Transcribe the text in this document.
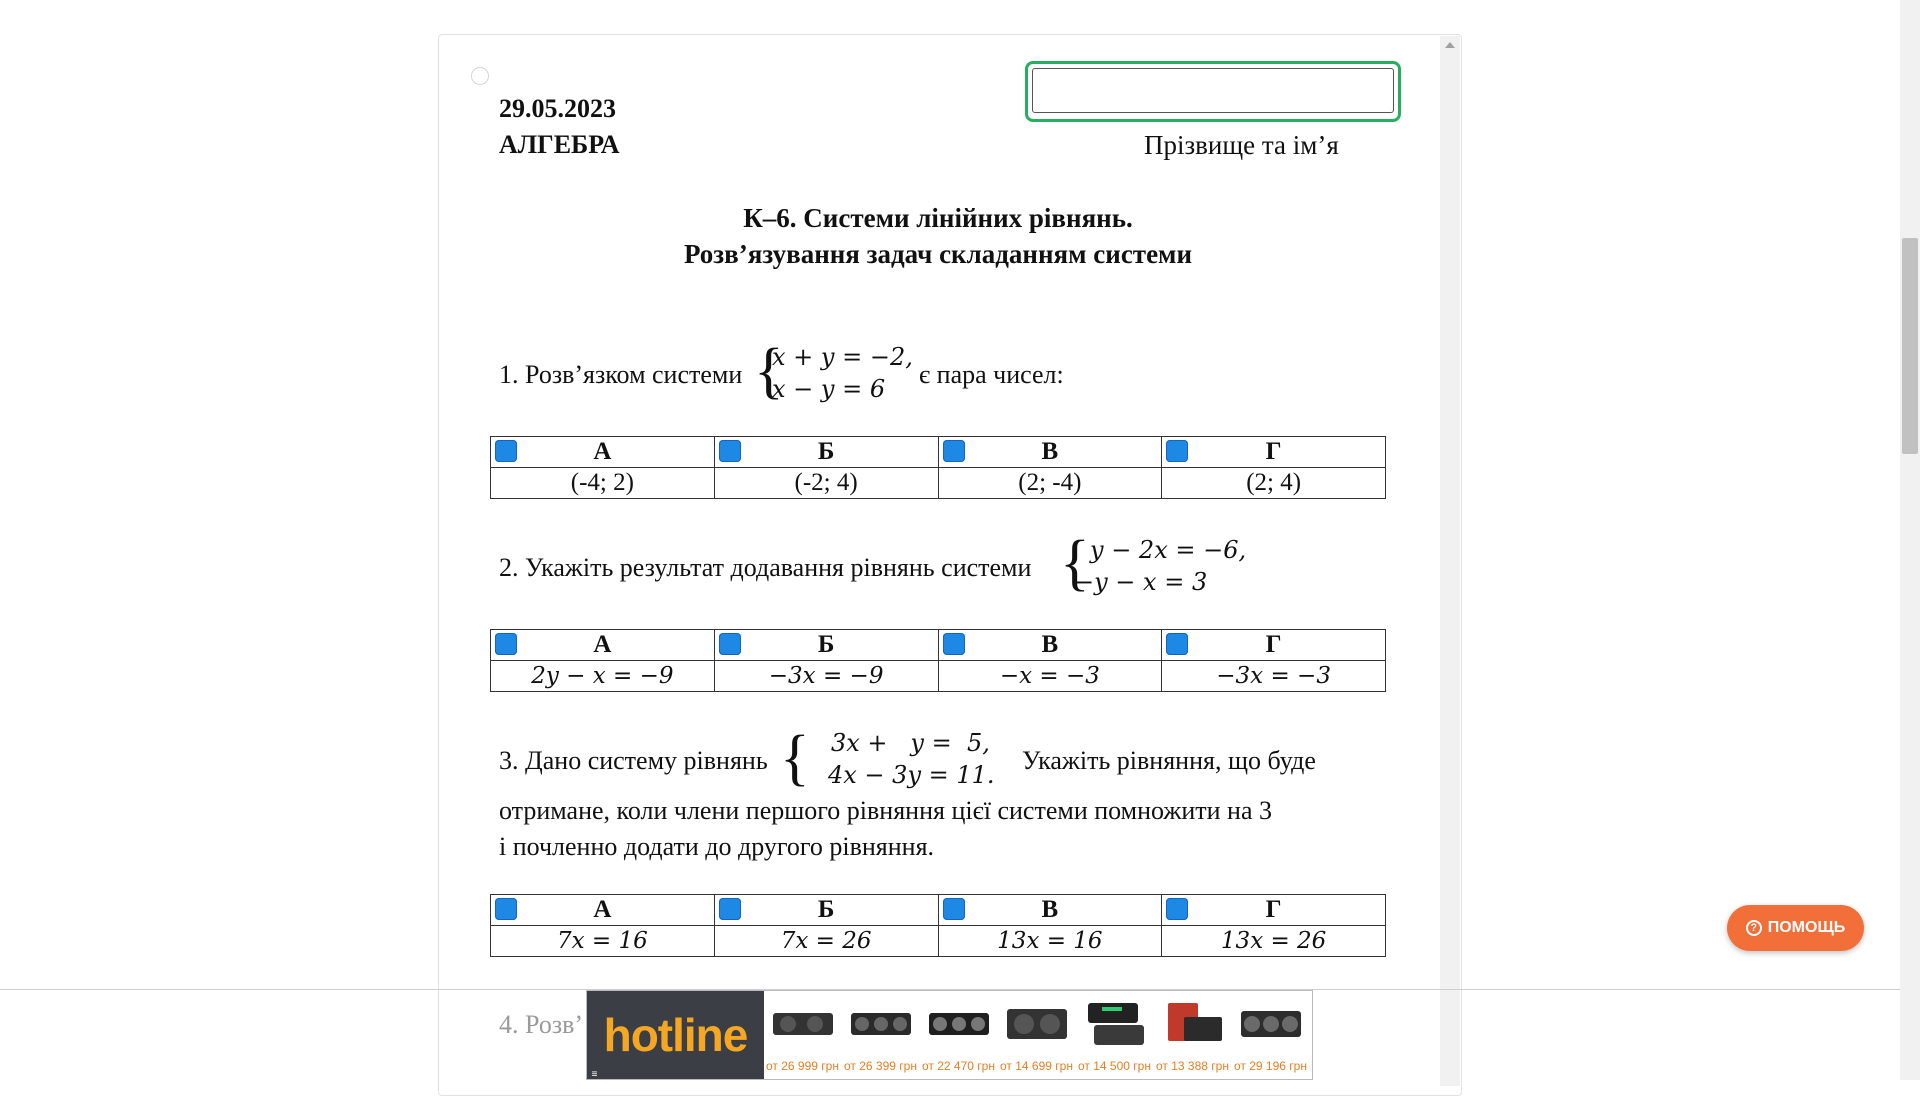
29.05.2023
АЛГЕБРА	Прізвище та ім’я
К–6. Системи лінійних рівнянь.
Розв’язування задач складанням системи
1. Розв’язком системи {
x + y = −2,
x − y = 6 є пара чисел:
А	Б	В	Г
(-4; 2)	(-2; 4)	(2; -4)	(2; 4)
2. Укажіть результат додавання рівнянь системи { y − 2x = −6,
−y − x = 3
А	Б	В	Г
2y − x = −9	−3x = −9	−x = −3	−3x = −3
3. Дано систему рівнянь { 3x +   y =  5,
4x − 3y = 11. Укажіть рівняння, що буде
отримане, коли члени першого рівняння цієї системи помножити на 3
і почленно додати до другого рівняння.
А	Б	В	Г
7x = 16	7x = 26	13x = 16	13x = 26
4. Розв’
? ПОМОЩЬ
hotline
≡
от 26 999 грн от 26 399 грн от 22 470 грн от 14 699 грн от 14 500 грн от 13 388 грн от 29 196 грн
